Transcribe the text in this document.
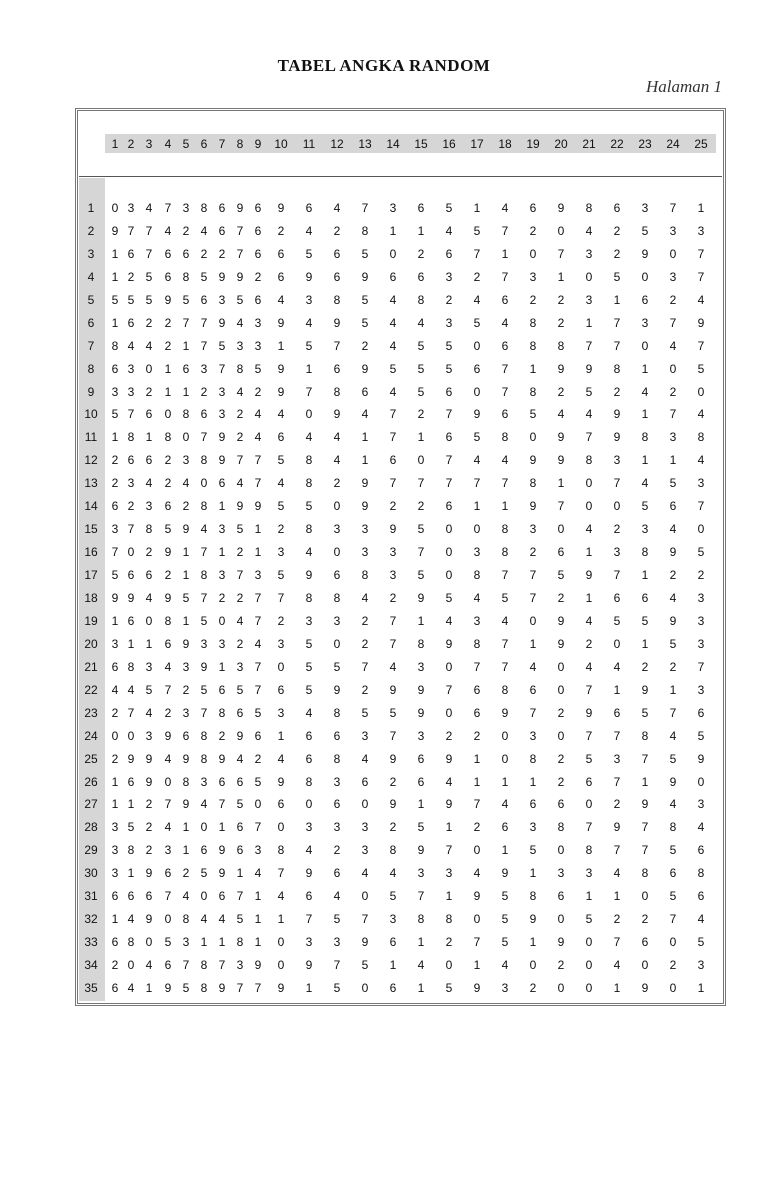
TABEL ANGKA RANDOM
Halaman 1
1 2 3	4 5 6 7 8 9	10	11	12 13 14 15 16 17 18 19 20 21 22 23 24 25
1	0 3 4	7 3 8 6 9 6	9	6	4	7	3	6	5	1	4	6	9	8	6	3	7	1
2	9 7 7	4 2 4 6 7 6	2	4	2	8	1	1	4	5	7	2	0	4	2	5	3	3
3	1 6 7	6 6 2 2 7 6	6	5	6	5	0	2	6	7	1	0	7	3	2	9	0	7
4	1 2 5	6 8 5 9 9 2	6	9	6	9	6	6	3	2	7	3	1	0	5	0	3	7
5	5 5 5	9 5 6 3 5 6	4	3	8	5	4	8	2	4	6	2	2	3	1	6	2	4
6	1 6 2	2 7 7 9 4 3	9	4	9	5	4	4	3	5	4	8	2	1	7	3	7	9
7	8 4 4	2 1 7 5 3 3	1	5	7	2	4	5	5	0	6	8	8	7	7	0	4	7
8	6 3 0	1 6 3 7 8 5	9	1	6	9	5	5	5	6	7	1	9	9	8	1	0	5
9	3 3 2	1 1 2 3 4 2	9	7	8	6	4	5	6	0	7	8	2	5	2	4	2	0
10	5 7 6	0 8 6 3 2 4	4	0	9	4	7	2	7	9	6	5	4	4	9	1	7	4
11	1 8 1	8 0 7 9 2 4	6	4	4	1	7	1	6	5	8	0	9	7	9	8	3	8
12	2 6 6	2 3 8 9 7 7	5	8	4	1	6	0	7	4	4	9	9	8	3	1	1	4
13	2 3 4	2 4 0 6 4 7	4	8	2	9	7	7	7	7	7	8	1	0	7	4	5	3
14	6 2 3	6 2 8 1 9 9	5	5	0	9	2	2	6	1	1	9	7	0	0	5	6	7
15	3 7 8	5 9 4 3 5 1	2	8	3	3	9	5	0	0	8	3	0	4	2	3	4	0
16	7 0 2	9 1 7 1 2 1	3	4	0	3	3	7	0	3	8	2	6	1	3	8	9	5
17	5 6 6	2 1 8 3 7 3	5	9	6	8	3	5	0	8	7	7	5	9	7	1	2	2
18	9 9 4	9 5 7 2 2 7	7	8	8	4	2	9	5	4	5	7	2	1	6	6	4	3
19	1 6 0	8 1 5 0 4 7	2	3	3	2	7	1	4	3	4	0	9	4	5	5	9	3
20	3 1 1	6 9 3 3 2 4	3	5	0	2	7	8	9	8	7	1	9	2	0	1	5	3
21	6 8 3	4 3 9 1 3 7	0	5	5	7	4	3	0	7	7	4	0	4	4	2	2	7
22	4 4 5	7 2 5 6 5 7	6	5	9	2	9	9	7	6	8	6	0	7	1	9	1	3
23	2 7 4	2 3 7 8 6 5	3	4	8	5	5	9	0	6	9	7	2	9	6	5	7	6
24	0 0 3	9 6 8 2 9 6	1	6	6	3	7	3	2	2	0	3	0	7	7	8	4	5
25	2 9 9	4 9 8 9 4 2	4	6	8	4	9	6	9	1	0	8	2	5	3	7	5	9
26	1 6 9	0 8 3 6 6 5	9	8	3	6	2	6	4	1	1	1	2	6	7	1	9	0
27	1 1 2	7 9 4 7 5 0	6	0	6	0	9	1	9	7	4	6	6	0	2	9	4	3
28	3 5 2	4 1 0 1 6 7	0	3	3	3	2	5	1	2	6	3	8	7	9	7	8	4
29	3 8 2	3 1 6 9 6 3	8	4	2	3	8	9	7	0	1	5	0	8	7	7	5	6
30	3 1 9	6 2 5 9 1 4	7	9	6	4	4	3	3	4	9	1	3	3	4	8	6	8
31	6 6 6	7 4 0 6 7 1	4	6	4	0	5	7	1	9	5	8	6	1	1	0	5	6
32	1 4 9	0 8 4 4 5 1	1	7	5	7	3	8	8	0	5	9	0	5	2	2	7	4
33	6 8 0	5 3 1 1 8 1	0	3	3	9	6	1	2	7	5	1	9	0	7	6	0	5
34	2 0 4	6 7 8 7 3 9	0	9	7	5	1	4	0	1	4	0	2	0	4	0	2	3
35	6 4 1	9 5 8 9 7 7	9	1	5	0	6	1	5	9	3	2	0	0	1	9	0	1
